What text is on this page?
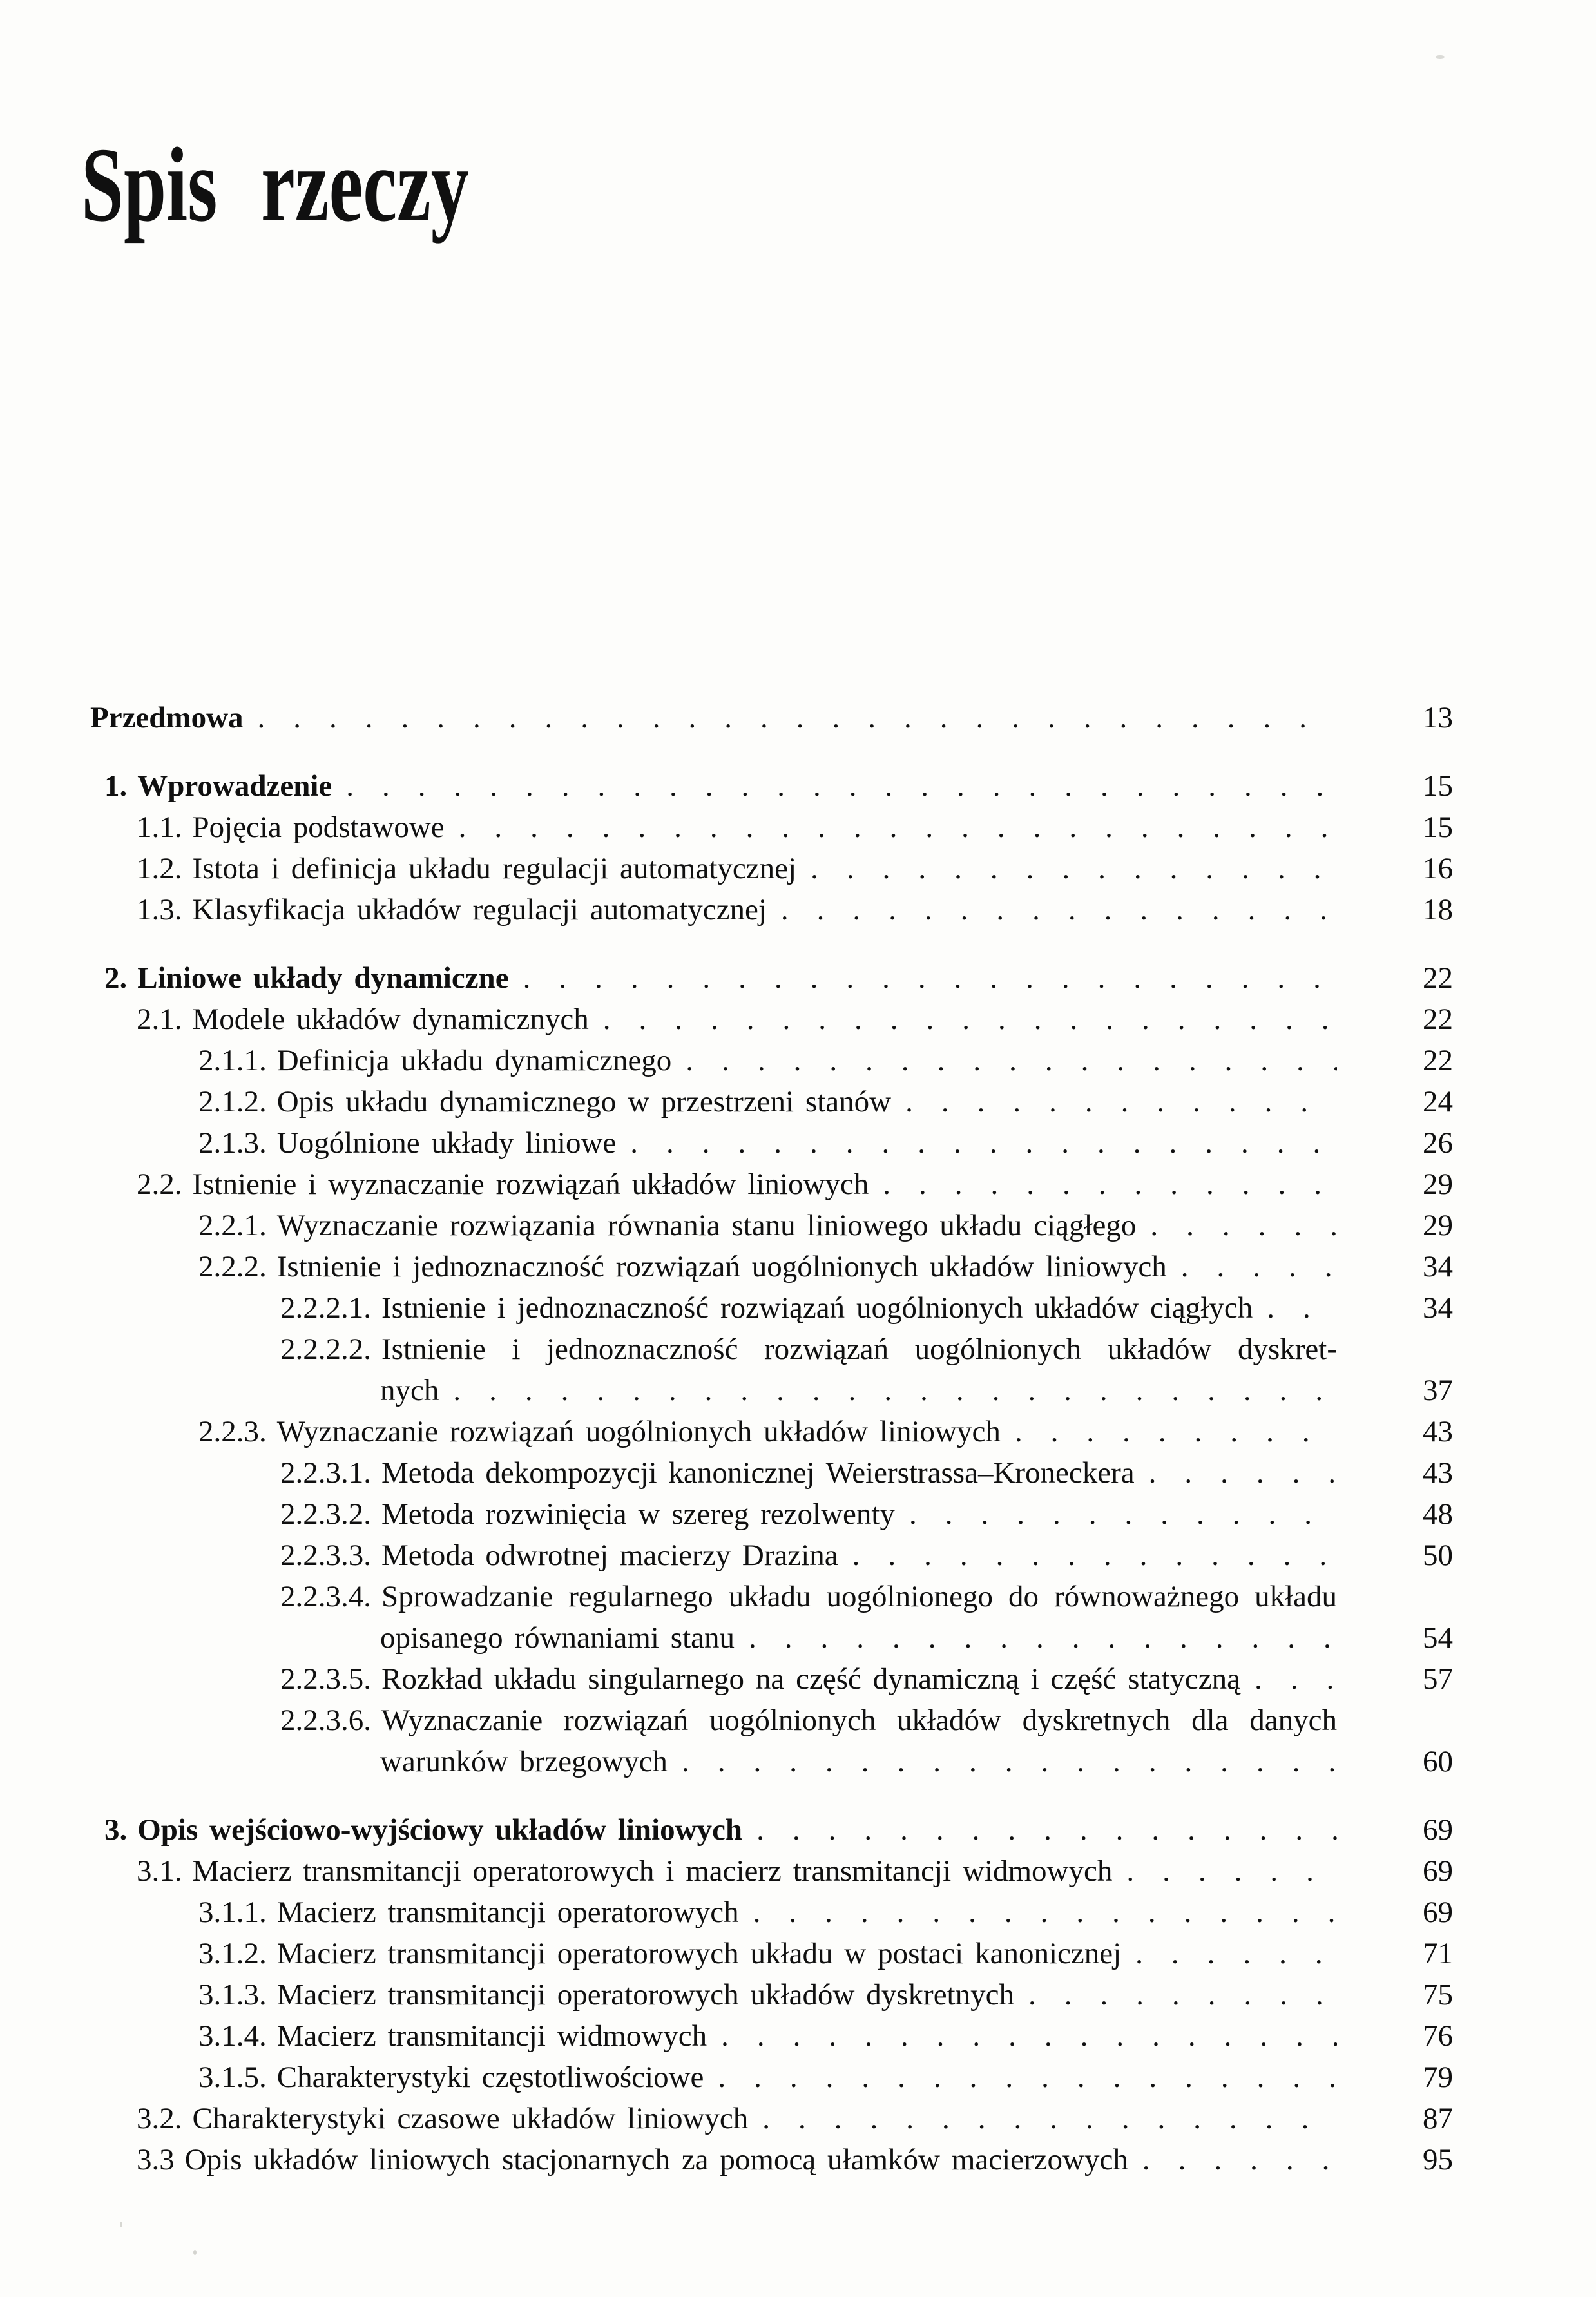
Spis rzeczy
Przedmowa .....	13
1. Wprowadzenie .....	15
1.1. Pojęcia podstawowe .....	15
1.2. Istota i definicja układu regulacji automatycznej .....	16
1.3. Klasyfikacja układów regulacji automatycznej .....	18
2. Liniowe układy dynamiczne .....	22
2.1. Modele układów dynamicznych .....	22
2.1.1. Definicja układu dynamicznego .....	22
2.1.2. Opis układu dynamicznego w przestrzeni stanów .....	24
2.1.3. Uogólnione układy liniowe .....	26
2.2. Istnienie i wyznaczanie rozwiązań układów liniowych .....	29
2.2.1. Wyznaczanie rozwiązania równania stanu liniowego układu ciągłego .....	29
2.2.2. Istnienie i jednoznaczność rozwiązań uogólnionych układów liniowych .....	34
2.2.2.1. Istnienie i jednoznaczność rozwiązań uogólnionych układów ciągłych .....	34
2.2.2.2. Istnienie i jednoznaczność rozwiązań uogólnionych układów dyskret-
nych .....	37
2.2.3. Wyznaczanie rozwiązań uogólnionych układów liniowych .....	43
2.2.3.1. Metoda dekompozycji kanonicznej Weierstrassa–Kroneckera .....	43
2.2.3.2. Metoda rozwinięcia w szereg rezolwenty .....	48
2.2.3.3. Metoda odwrotnej macierzy Drazina .....	50
2.2.3.4. Sprowadzanie regularnego układu uogólnionego do równoważnego układu
opisanego równaniami stanu .....	54
2.2.3.5. Rozkład układu singularnego na część dynamiczną i część statyczną .....	57
2.2.3.6. Wyznaczanie rozwiązań uogólnionych układów dyskretnych dla danych
warunków brzegowych .....	60
3. Opis wejściowo-wyjściowy układów liniowych .....	69
3.1. Macierz transmitancji operatorowych i macierz transmitancji widmowych .....	69
3.1.1. Macierz transmitancji operatorowych .....	69
3.1.2. Macierz transmitancji operatorowych układu w postaci kanonicznej .....	71
3.1.3. Macierz transmitancji operatorowych układów dyskretnych .....	75
3.1.4. Macierz transmitancji widmowych .....	76
3.1.5. Charakterystyki częstotliwościowe .....	79
3.2. Charakterystyki czasowe układów liniowych .....	87
3.3 Opis układów liniowych stacjonarnych za pomocą ułamków macierzowych .....	95
